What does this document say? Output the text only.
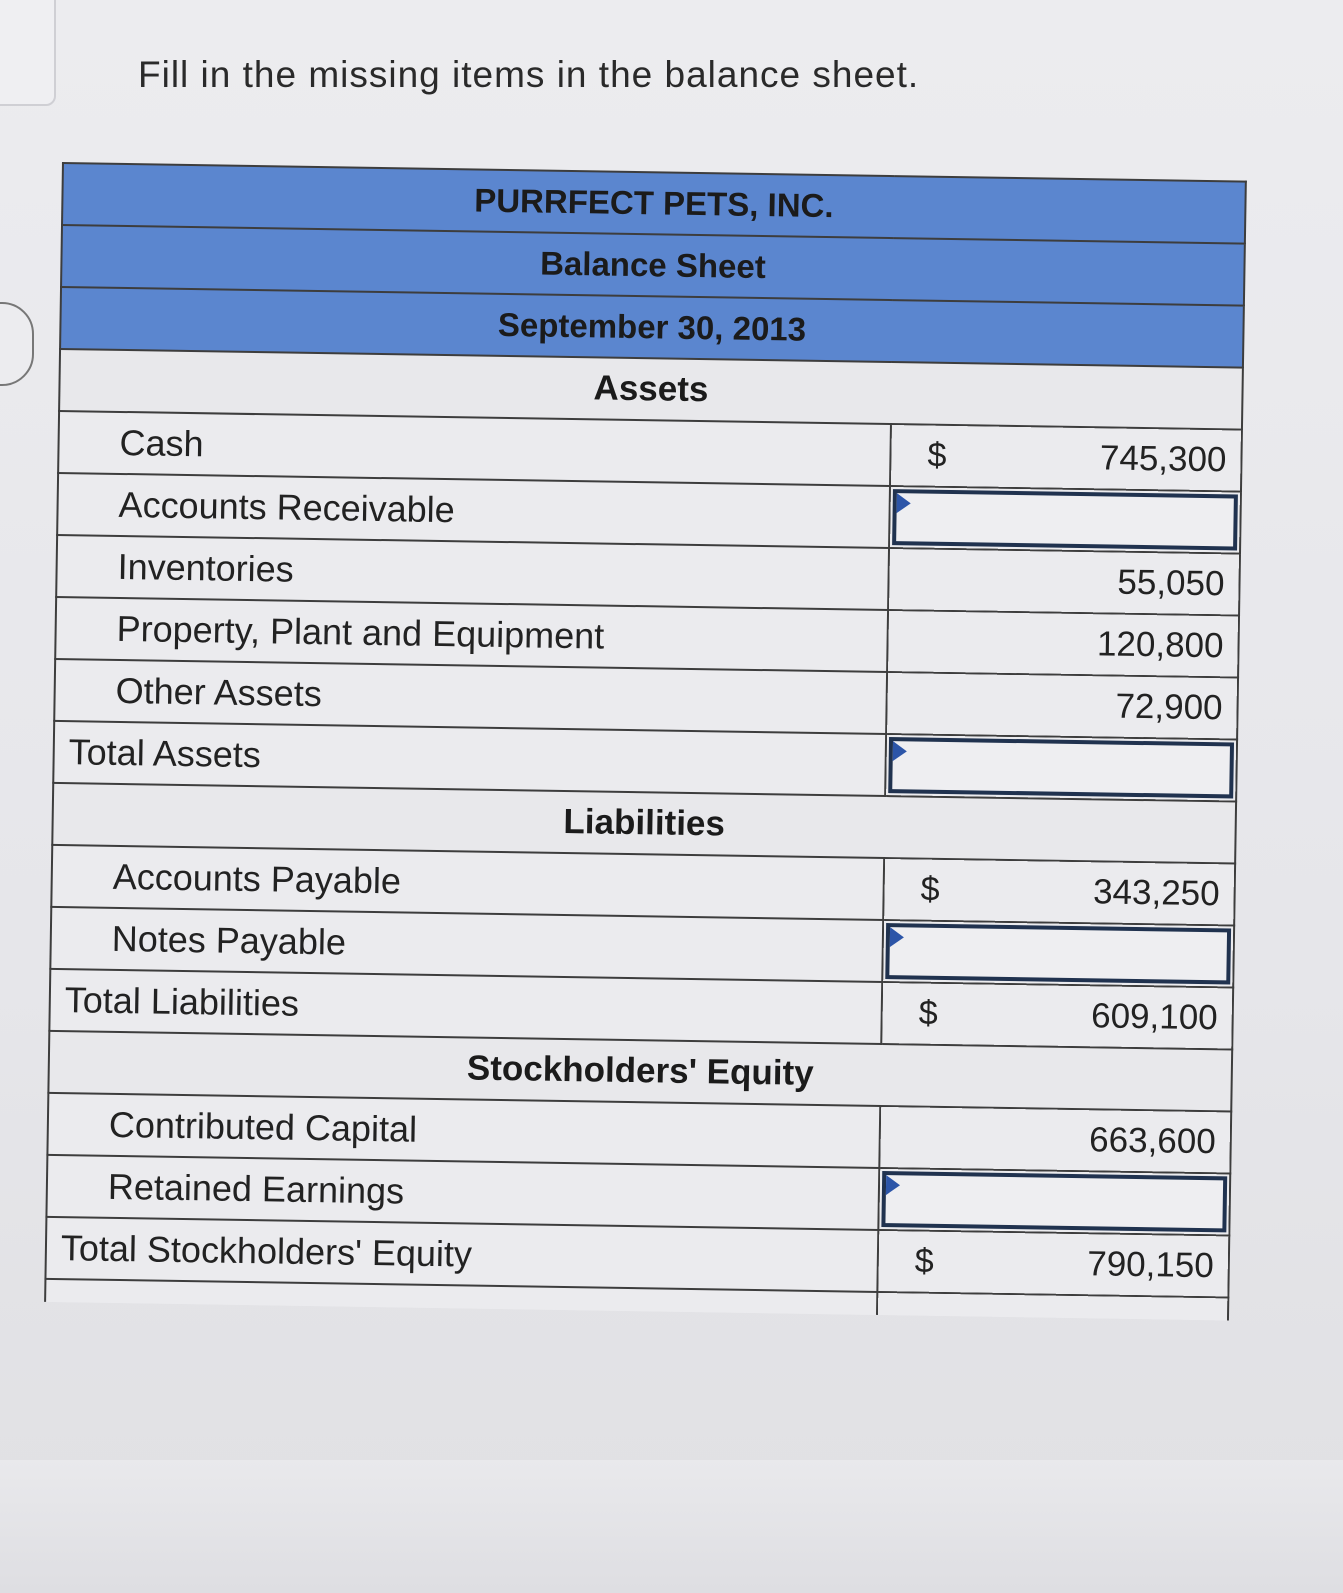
Fill in the missing items in the balance sheet.
PURRFECT PETS, INC.	
Balance Sheet	
September 30, 2013	
Assets	
Cash	$ 745,300

Accounts Receivable	

Inventories	55,050

Property, Plant and Equipment	120,800

Other Assets	72,900

Total Assets	

Liabilities	
Accounts Payable	$ 343,250

Notes Payable	

Total Liabilities	$ 609,100

Stockholders' Equity	
Contributed Capital	663,600

Retained Earnings	

Total Stockholders' Equity	$ 790,150
